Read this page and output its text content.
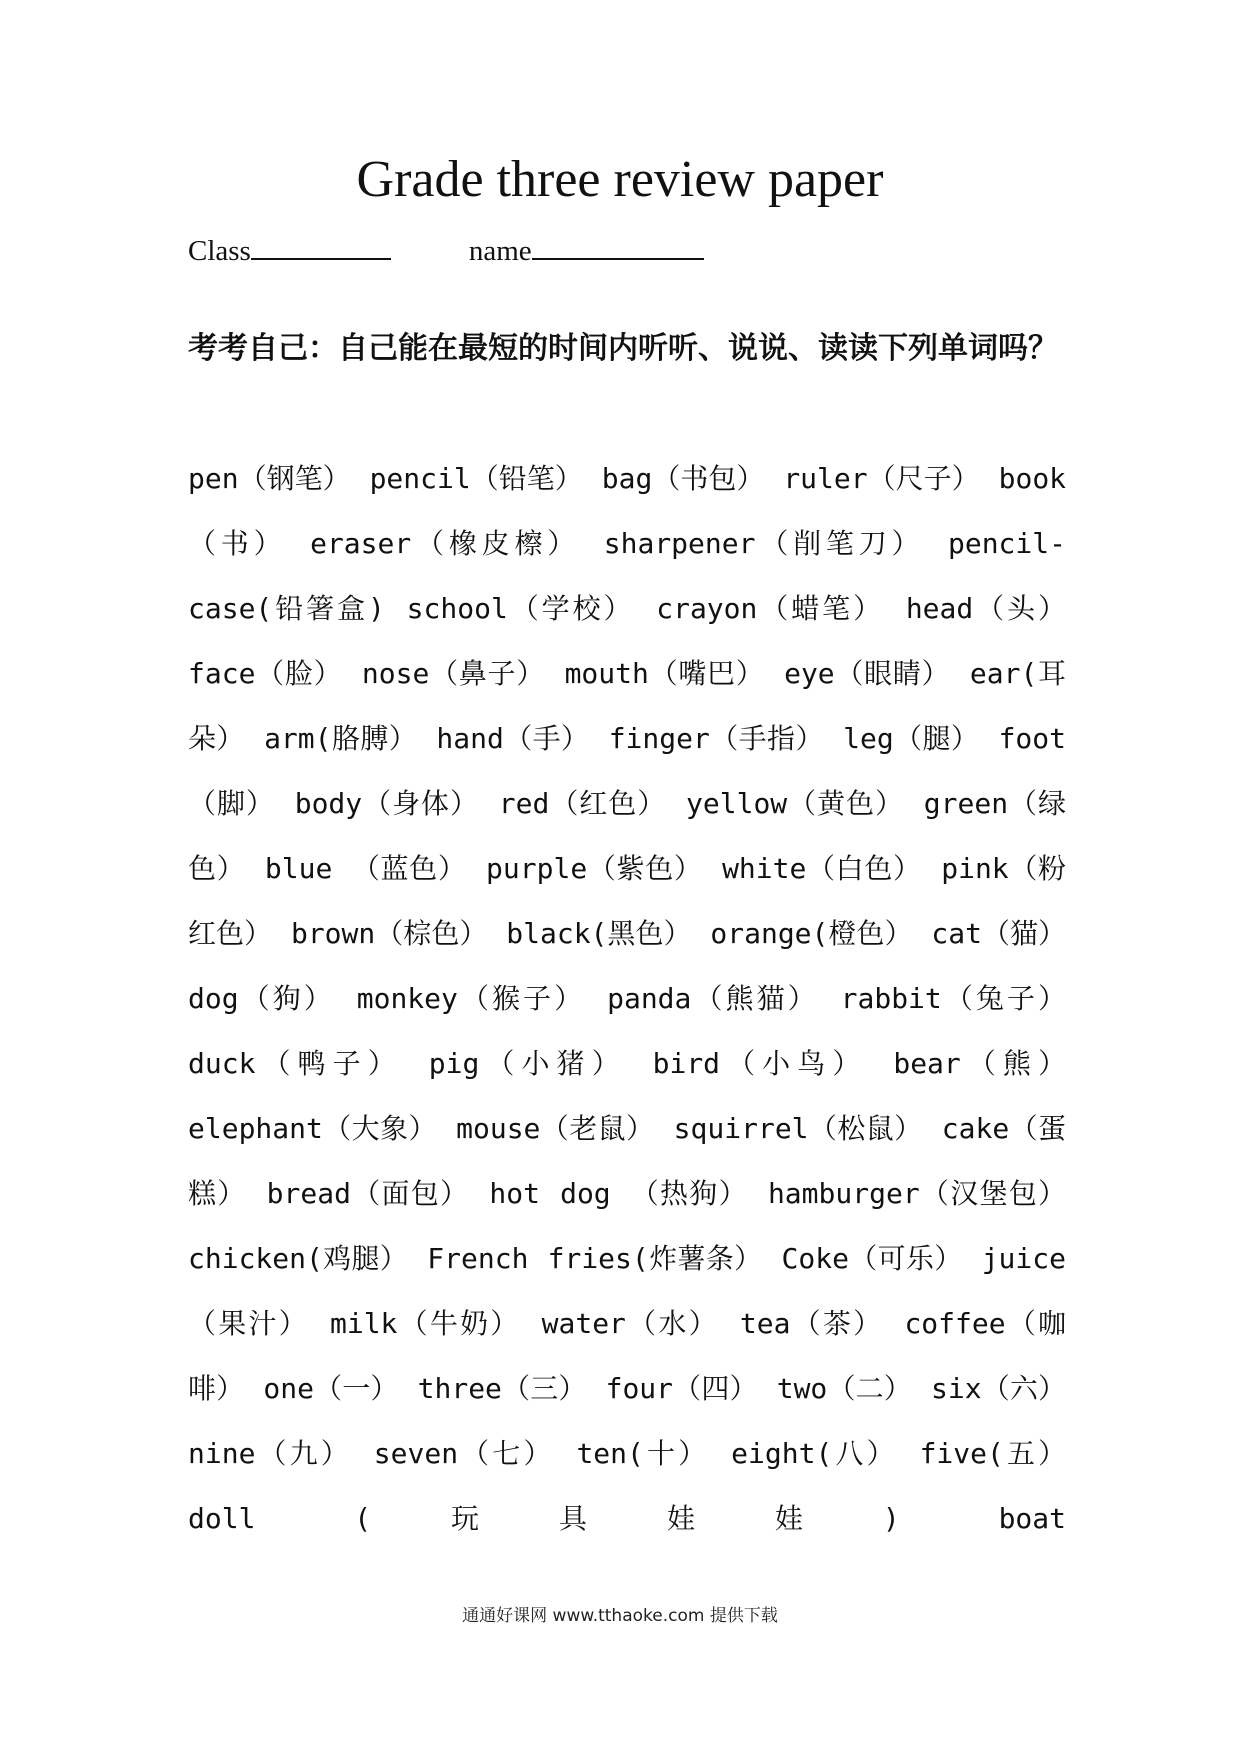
Grade three review paper
Class	name
考考自己：自己能在最短的时间内听听、说说、读读下列单词吗？
pen（钢笔） pencil（铅笔） bag（书包） ruler（尺子） book（书） eraser（橡皮檫） sharpener（削笔刀） pencil-case(铅箸盒) school（学校） crayon（蜡笔） head（头） face（脸） nose（鼻子） mouth（嘴巴） eye（眼睛） ear(耳朵） arm(胳膊） hand（手） finger（手指） leg（腿） foot（脚） body（身体） red（红色） yellow（黄色） green（绿色） blue （蓝色） purple（紫色） white（白色） pink（粉红色） brown（棕色） black(黑色） orange(橙色） cat（猫） dog（狗） monkey（猴子） panda（熊猫） rabbit（兔子） duck（鸭子） pig（小猪） bird（小鸟） bear（熊） elephant（大象） mouse（老鼠） squirrel（松鼠） cake（蛋糕） bread（面包） hot dog （热狗） hamburger（汉堡包） chicken(鸡腿） French fries(炸薯条） Coke（可乐） juice（果汁） milk（牛奶） water（水） tea（茶） coffee（咖啡） one（一） three（三） four（四） two（二） six（六） nine（九） seven（七） ten(十） eight(八） five(五） doll (玩具娃娃)	boat
通通好课网 www.tthaoke.com 提供下载
